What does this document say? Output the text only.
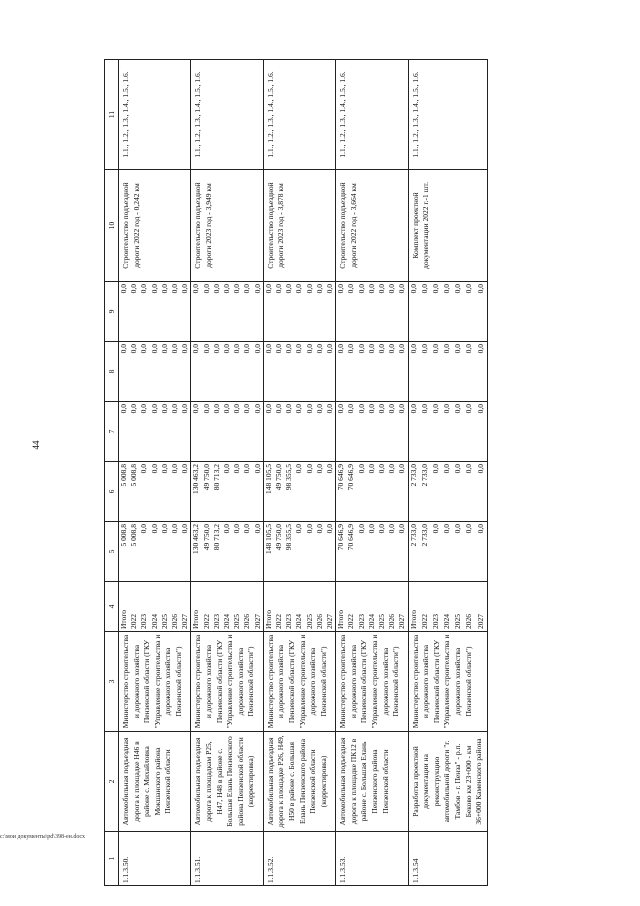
44
1	2	3	4	5	6	7	8	9	10	11
1.1.3.50.	Автомобильная подъездная дорога к площадке Н46 в районе с. Михайловка Мокшанского района Пензенской области	Министерство строительства и дорожного хозяйства Пензенской области (ГКУ "Управление строительства и дорожного хозяйства Пензенской области")	Итого	5 008,8	5 008,8	0,0	0,0	0,0	Строительство подъездной дороги 2022 год - 0,242 км	1.1., 1.2., 1.3., 1.4., 1.5., 1.6.
			2022	5 008,8	5 008,8	0,0	0,0	0,0		
			2023	0,0	0,0	0,0	0,0	0,0		
			2024	0,0	0,0	0,0	0,0	0,0		
			2025	0,0	0,0	0,0	0,0	0,0		
			2026	0,0	0,0	0,0	0,0	0,0		
			2027	0,0	0,0	0,0	0,0	0,0		
1.1.3.51.	Автомобильная подъездная дорога к площадкам Р25, Н47, Н48 в районе с. Большая Елань Пензенского района Пензенской области (корректировка)	Министерство строительства и дорожного хозяйства Пензенской области (ГКУ "Управление строительства и дорожного хозяйства Пензенской области")	Итого	130 463,2	130 463,2	0,0	0,0	0,0	Строительство подъездной дороги 2023 год - 3,949 км	1.1., 1.2., 1.3., 1.4., 1.5., 1.6.
			2022	49 750,0	49 750,0	0,0	0,0	0,0		
			2023	80 713,2	80 713,2	0,0	0,0	0,0		
			2024	0,0	0,0	0,0	0,0	0,0		
			2025	0,0	0,0	0,0	0,0	0,0		
			2026	0,0	0,0	0,0	0,0	0,0		
			2027	0,0	0,0	0,0	0,0	0,0		
1.1.3.52.	Автомобильная подъездная дорога к площадке Р26, Н49, Н50 в районе с. Большая Елань Пензенского района Пензенской области (корректировка)	Министерство строительства и дорожного хозяйства Пензенской области (ГКУ "Управление строительства и дорожного хозяйства Пензенской области")	Итого	148 105,5	148 105,5	0,0	0,0	0,0	Строительство подъездной дороги 2023 год - 3,878 км	1.1., 1.2., 1.3., 1.4., 1.5., 1.6.
			2022	49 750,0	49 750,0	0,0	0,0	0,0		
			2023	98 355,5	98 355,5	0,0	0,0	0,0		
			2024	0,0	0,0	0,0	0,0	0,0		
			2025	0,0	0,0	0,0	0,0	0,0		
			2026	0,0	0,0	0,0	0,0	0,0		
			2027	0,0	0,0	0,0	0,0	0,0		
1.1.3.53.	Автомобильная подъездная дорога к площадке ПК12 в районе с. Большая Елань Пензенского района Пензенской области	Министерство строительства и дорожного хозяйства Пензенской области (ГКУ "Управление строительства и дорожного хозяйства Пензенской области")	Итого	70 646,9	70 646,9	0,0	0,0	0,0	Строительство подъездной дороги 2022 год - 3,664 км	1.1., 1.2., 1.3., 1.4., 1.5., 1.6.
			2022	70 646,9	70 646,9	0,0	0,0	0,0		
			2023	0,0	0,0	0,0	0,0	0,0		
			2024	0,0	0,0	0,0	0,0	0,0		
			2025	0,0	0,0	0,0	0,0	0,0		
			2026	0,0	0,0	0,0	0,0	0,0		
			2027	0,0	0,0	0,0	0,0	0,0		
1.1.3.54	Разработка проектной документации на реконструкцию автомобильной дороги "г. Тамбов - г. Пенза" - р.п. Беково км 23+000 - км 36+000 Каменского района	Министерство строительства и дорожного хозяйства Пензенской области (ГКУ "Управление строительства и дорожного хозяйства Пензенской области")	Итого	2 733,0	2 733,0	0,0	0,0	0,0	Комплект проектной документации 2022 г.-1 шт.	1.1., 1.2., 1.3., 1.4., 1.5., 1.6.
			2022	2 733,0	2 733,0	0,0	0,0	0,0		
			2023	0,0	0,0	0,0	0,0	0,0		
			2024	0,0	0,0	0,0	0,0	0,0		
			2025	0,0	0,0	0,0	0,0	0,0		
			2026	0,0	0,0	0,0	0,0	0,0		
			2027	0,0	0,0	0,0	0,0	0,0		
c:\мои документы\pd\398-ен.docx
